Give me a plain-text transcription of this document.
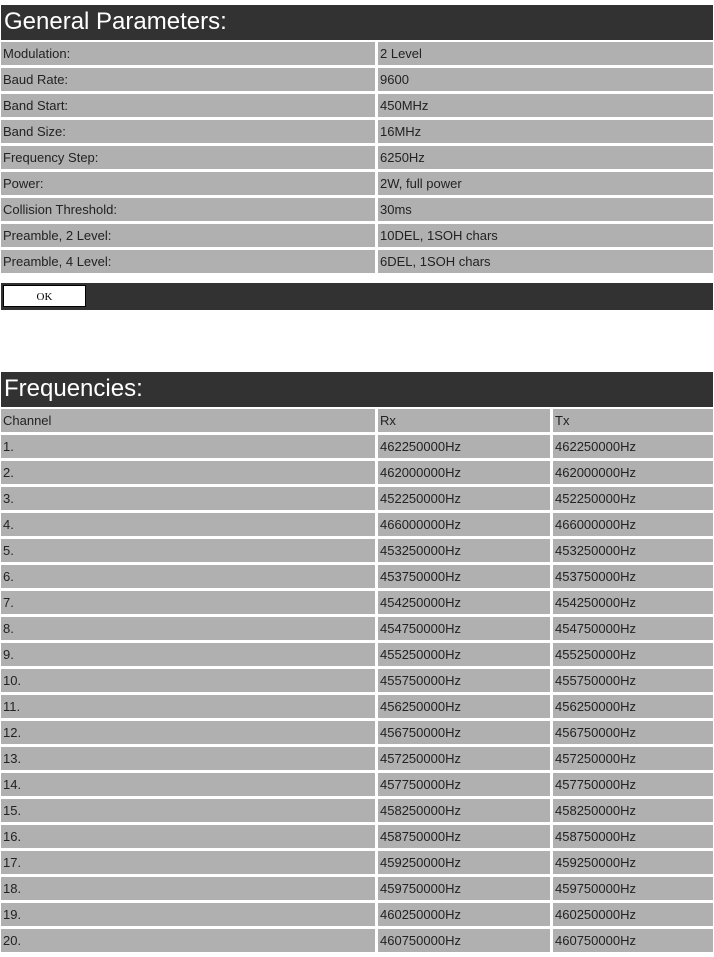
General Parameters:
Modulation:	2 Level
Baud Rate:	9600
Band Start:	450MHz
Band Size:	16MHz
Frequency Step:	6250Hz
Power:	2W, full power
Collision Threshold:	30ms
Preamble, 2 Level:	10DEL, 1SOH chars
Preamble, 4 Level:	6DEL, 1SOH chars
OK
Frequencies:
Channel	Rx	Tx
1.	462250000Hz	462250000Hz
2.	462000000Hz	462000000Hz
3.	452250000Hz	452250000Hz
4.	466000000Hz	466000000Hz
5.	453250000Hz	453250000Hz
6.	453750000Hz	453750000Hz
7.	454250000Hz	454250000Hz
8.	454750000Hz	454750000Hz
9.	455250000Hz	455250000Hz
10.	455750000Hz	455750000Hz
11.	456250000Hz	456250000Hz
12.	456750000Hz	456750000Hz
13.	457250000Hz	457250000Hz
14.	457750000Hz	457750000Hz
15.	458250000Hz	458250000Hz
16.	458750000Hz	458750000Hz
17.	459250000Hz	459250000Hz
18.	459750000Hz	459750000Hz
19.	460250000Hz	460250000Hz
20.	460750000Hz	460750000Hz
